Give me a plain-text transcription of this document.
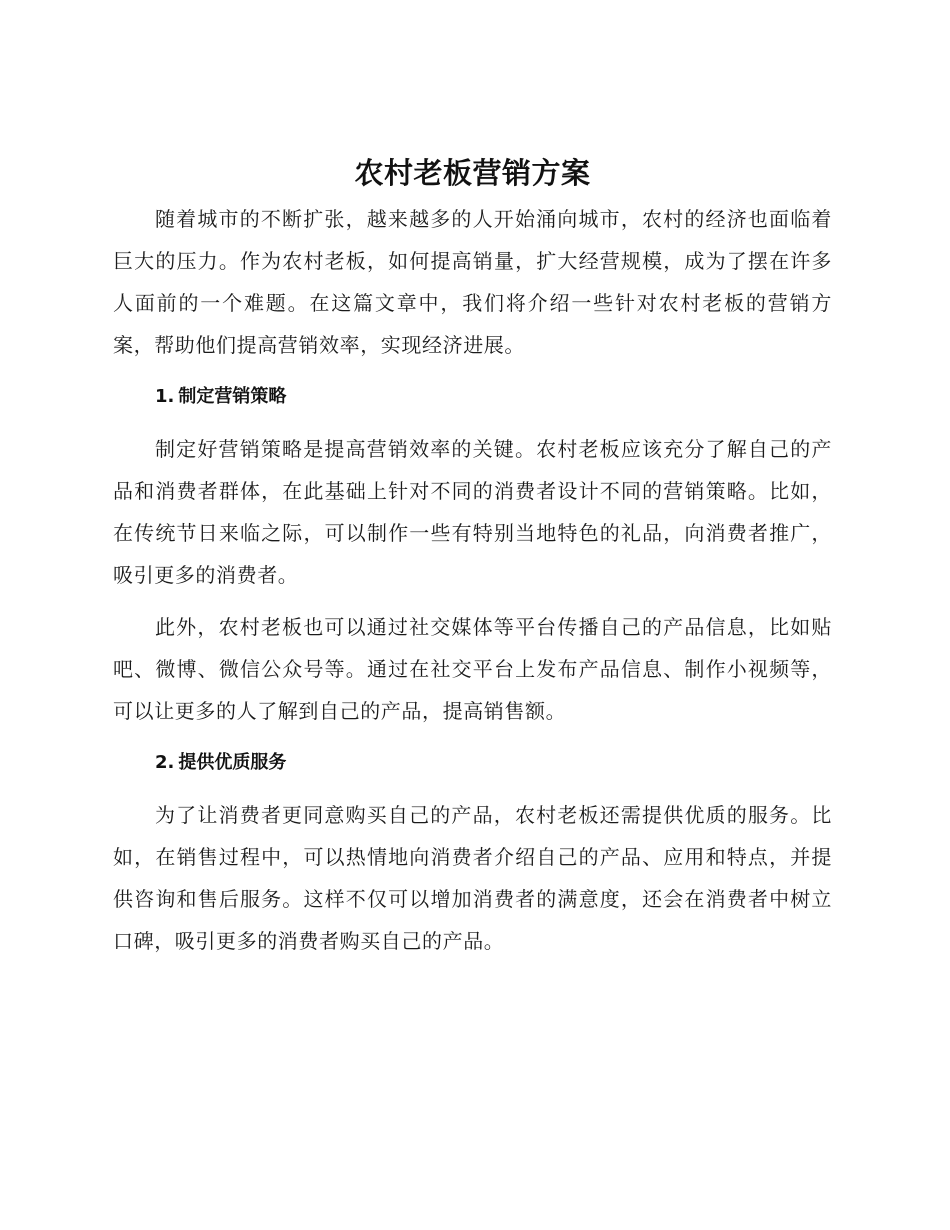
农村老板营销方案

随着城市的不断扩张，越来越多的人开始涌向城市，农村的经济也面临着巨大的压力。作为农村老板，如何提高销量，扩大经营规模，成为了摆在许多人面前的一个难题。在这篇文章中，我们将介绍一些针对农村老板的营销方案，帮助他们提高营销效率，实现经济进展。

1. 制定营销策略

制定好营销策略是提高营销效率的关键。农村老板应该充分了解自己的产品和消费者群体，在此基础上针对不同的消费者设计不同的营销策略。比如，在传统节日来临之际，可以制作一些有特别当地特色的礼品，向消费者推广，吸引更多的消费者。

此外，农村老板也可以通过社交媒体等平台传播自己的产品信息，比如贴吧、微博、微信公众号等。通过在社交平台上发布产品信息、制作小视频等，可以让更多的人了解到自己的产品，提高销售额。

2. 提供优质服务

为了让消费者更同意购买自己的产品，农村老板还需提供优质的服务。比如，在销售过程中，可以热情地向消费者介绍自己的产品、应用和特点，并提供咨询和售后服务。这样不仅可以增加消费者的满意度，还会在消费者中树立口碑，吸引更多的消费者购买自己的产品。
